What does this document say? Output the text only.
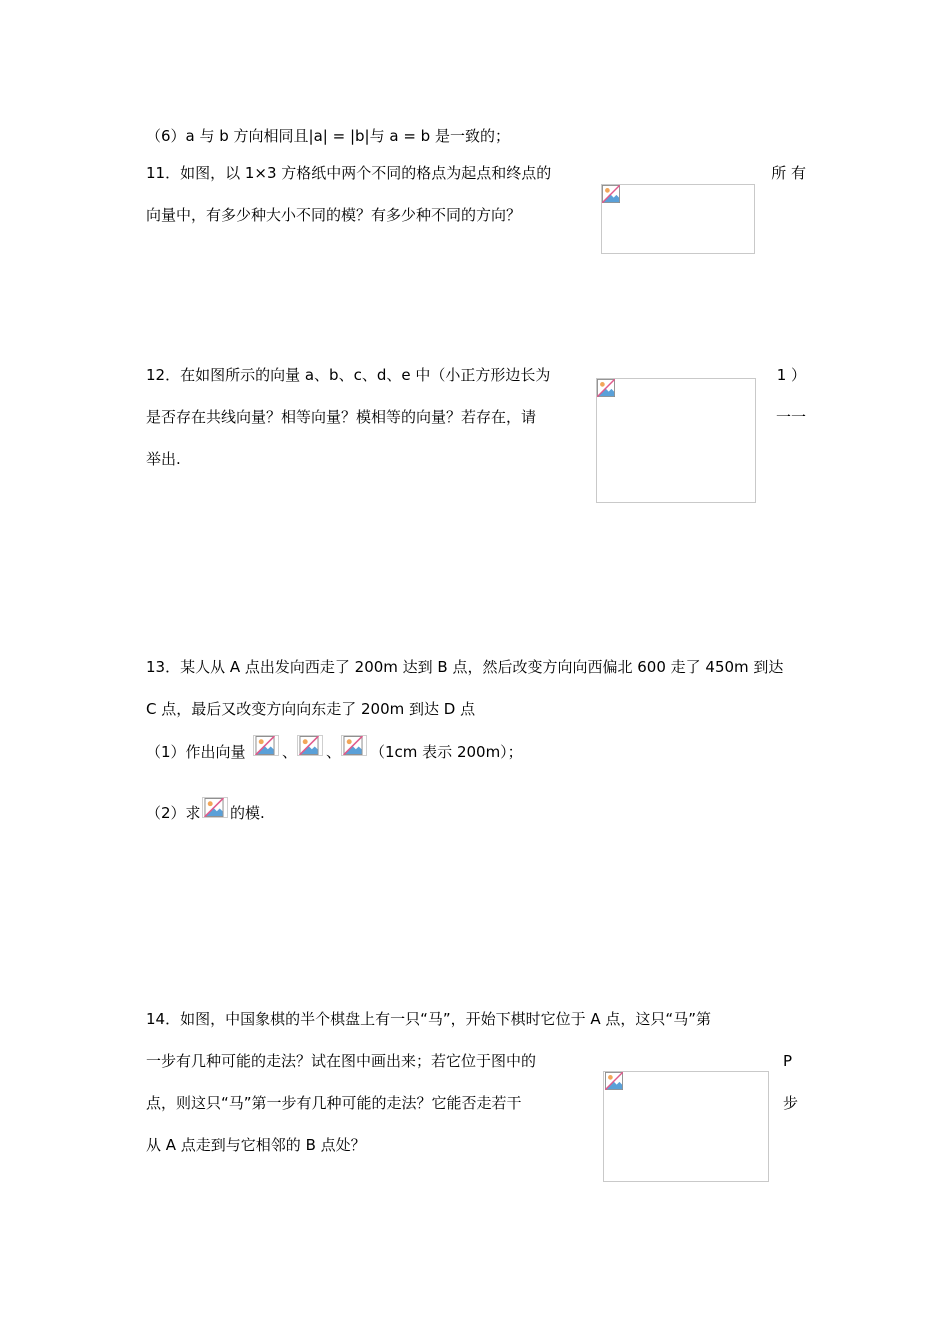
（6）a 与 b 方向相同且|a| = |b|与 a = b 是一致的；
11．如图，以 1×3 方格纸中两个不同的格点为起点和终点的	所 有
向量中，有多少种大小不同的模？有多少种不同的方向？
12．在如图所示的向量 a、b、c、d、e 中（小正方形边长为	1 ）
是否存在共线向量？相等向量？模相等的向量？若存在，请	一一
举出.
13．某人从 A 点出发向西走了 200m 达到 B 点，然后改变方向向西偏北 600 走了 450m 到达
C 点，最后又改变方向向东走了 200m 到达 D 点
（1）作出向量 、 、 （1cm 表示 200m）；
（2）求 的模.
14．如图，中国象棋的半个棋盘上有一只“马”，开始下棋时它位于 A 点，这只“马”第
一步有几种可能的走法？试在图中画出来；若它位于图中的	P
点，则这只“马”第一步有几种可能的走法？它能否走若干	步
从 A 点走到与它相邻的 B 点处？
